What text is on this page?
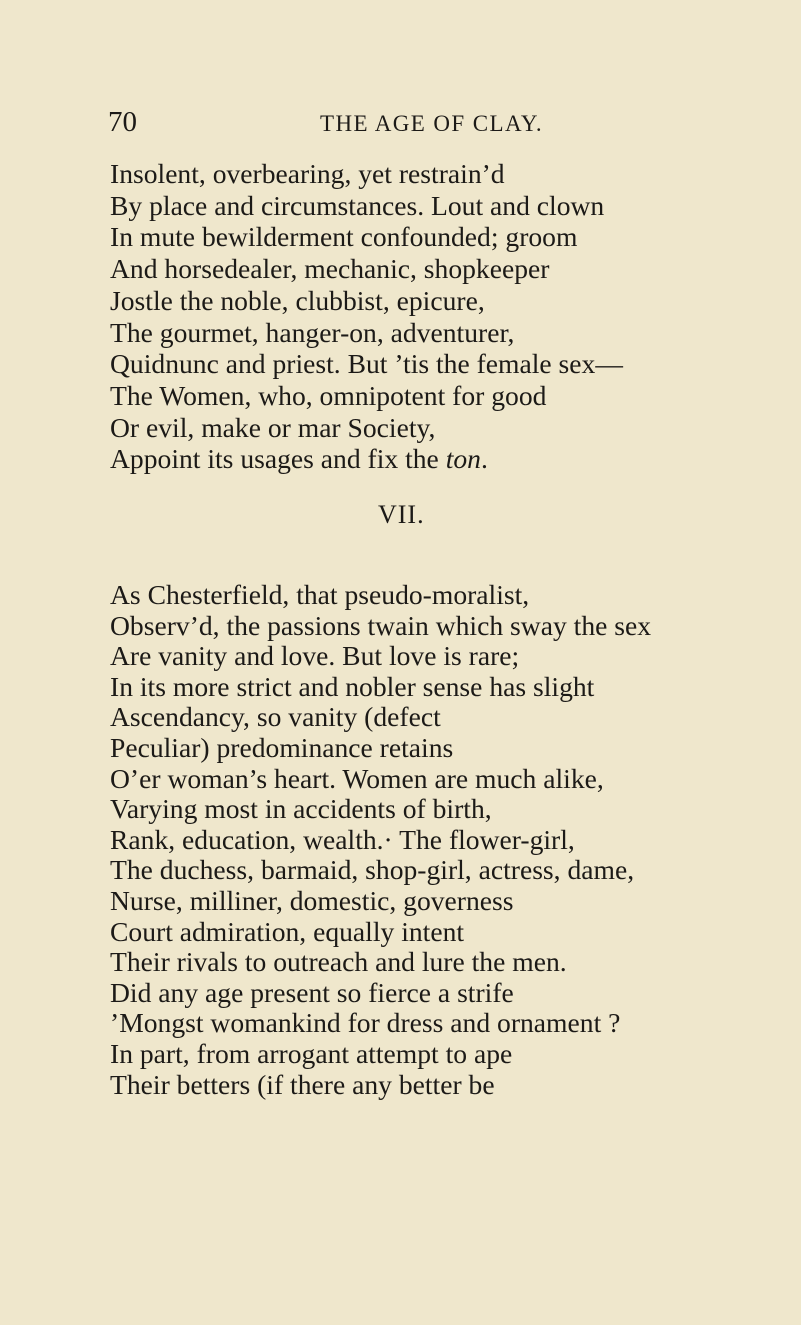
70	THE AGE OF CLAY.
Insolent, overbearing, yet restrain’d
By place and circumstances. Lout and clown
In mute bewilderment confounded; groom
And horsedealer, mechanic, shopkeeper
Jostle the noble, clubbist, epicure,
The gourmet, hanger-on, adventurer,
Quidnunc and priest. But ’tis the female sex—
The Women, who, omnipotent for good
Or evil, make or mar Society,
Appoint its usages and fix the ton.
VII.
As Chesterfield, that pseudo-moralist,
Observ’d, the passions twain which sway the sex
Are vanity and love. But love is rare;
In its more strict and nobler sense has slight
Ascendancy, so vanity (defect
Peculiar) predominance retains
O’er woman’s heart. Women are much alike,
Varying most in accidents of birth,
Rank, education, wealth.· The flower-girl,
The duchess, barmaid, shop-girl, actress, dame,
Nurse, milliner, domestic, governess
Court admiration, equally intent
Their rivals to outreach and lure the men.
Did any age present so fierce a strife
’Mongst womankind for dress and ornament ?
In part, from arrogant attempt to ape
Their betters (if there any better be
